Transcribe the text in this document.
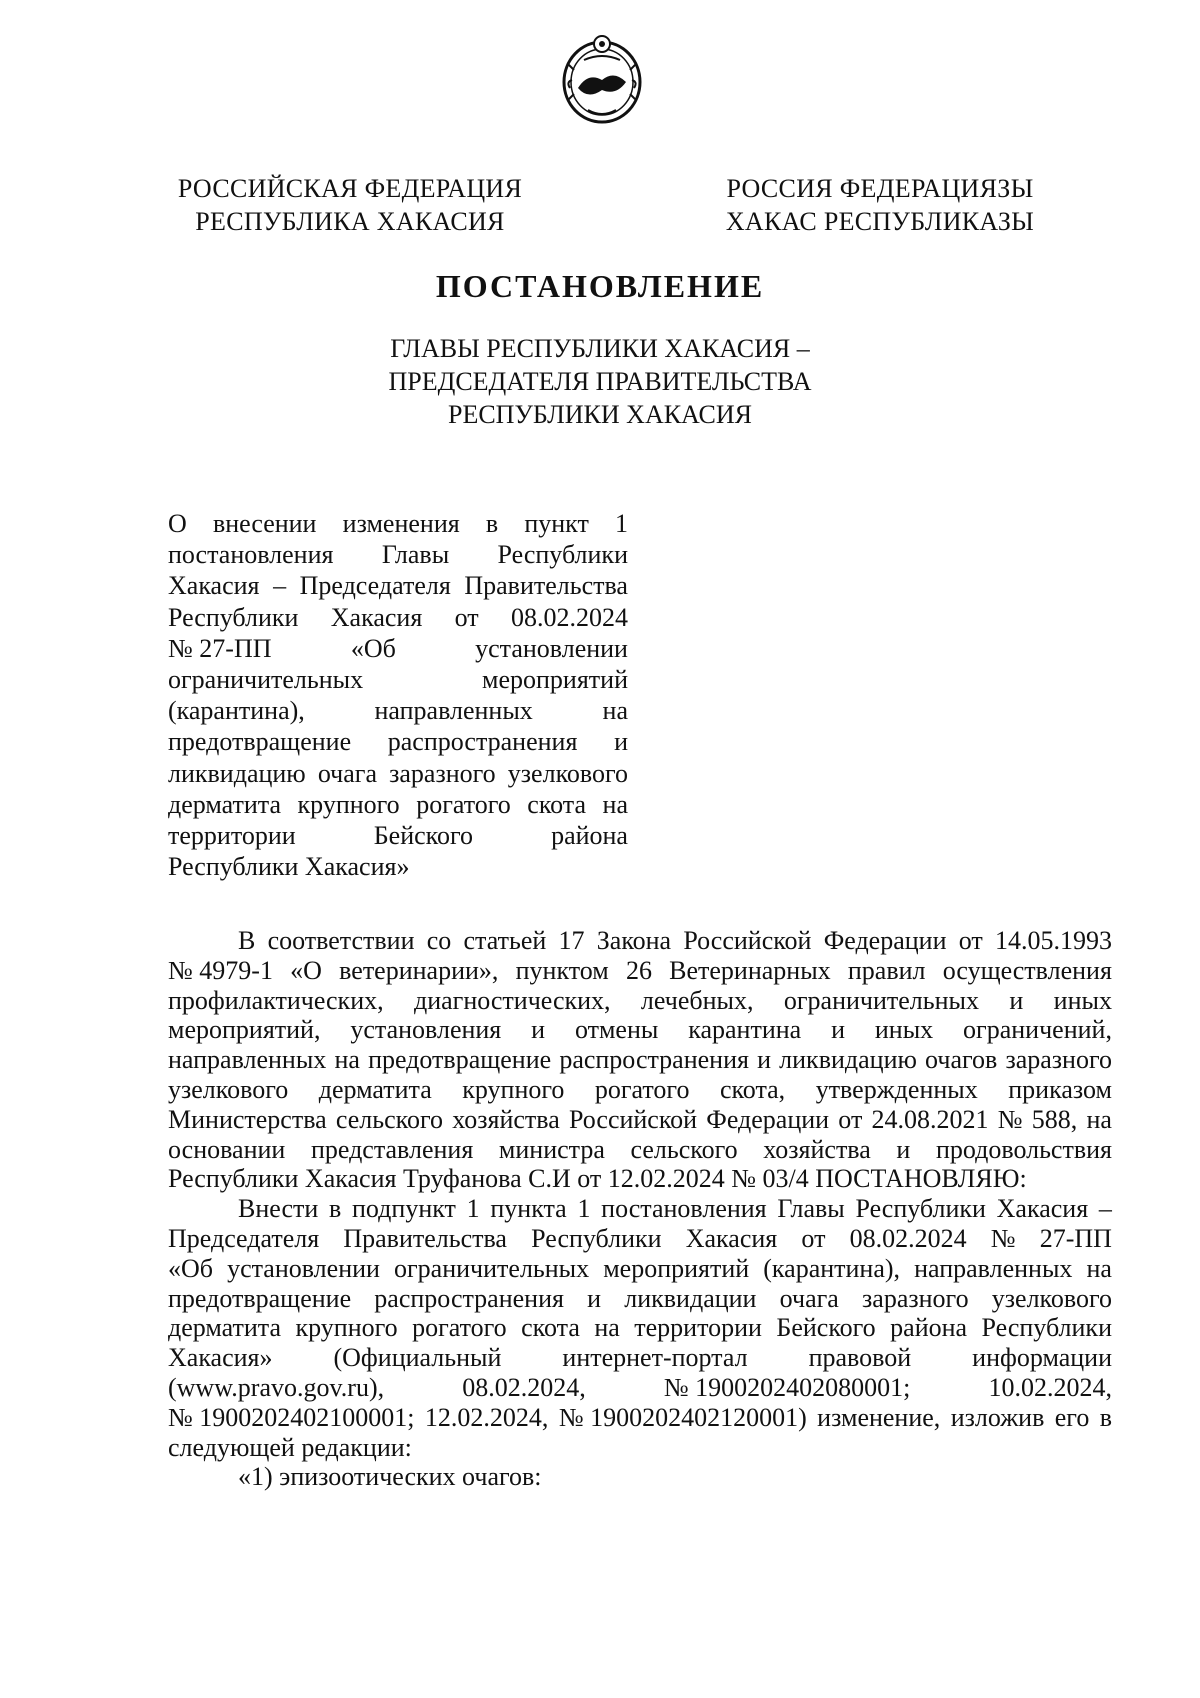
РОССИЙСКАЯ ФЕДЕРАЦИЯ
РЕСПУБЛИКА ХАКАСИЯ
РОССИЯ ФЕДЕРАЦИЯЗЫ
ХАКАС РЕСПУБЛИКАЗЫ
ПОСТАНОВЛЕНИЕ
ГЛАВЫ РЕСПУБЛИКИ ХАКАСИЯ –
ПРЕДСЕДАТЕЛЯ ПРАВИТЕЛЬСТВА
РЕСПУБЛИКИ ХАКАСИЯ
О внесении изменения в пункт 1
постановления Главы Республики
Хакасия – Председателя Правительства
Республики Хакасия от 08.02.2024
№ 27-ПП	«Об	установлении
ограничительных	мероприятий
(карантина),	направленных	на
предотвращение распространения и
ликвидацию очага заразного узелкового
дерматита крупного рогатого скота на
территории	Бейского	района
Республики Хакасия»
В соответствии со статьей 17 Закона Российской Федерации от 14.05.1993
№ 4979-1 «О ветеринарии», пунктом 26 Ветеринарных правил осуществления
профилактических, диагностических, лечебных, ограничительных и иных
мероприятий, установления и отмены карантина и иных ограничений,
направленных на предотвращение распространения и ликвидацию очагов заразного
узелкового дерматита крупного рогатого скота, утвержденных приказом
Министерства сельского хозяйства Российской Федерации от 24.08.2021 № 588, на
основании представления министра сельского хозяйства и продовольствия
Республики Хакасия Труфанова С.И от 12.02.2024 № 03/4 ПОСТАНОВЛЯЮ:
Внести в подпункт 1 пункта 1 постановления Главы Республики Хакасия –
Председателя Правительства Республики Хакасия от 08.02.2024 № 27-ПП
«Об установлении ограничительных мероприятий (карантина), направленных на
предотвращение распространения и ликвидации очага заразного узелкового
дерматита крупного рогатого скота на территории Бейского района Республики
Хакасия» (Официальный интернет-портал правовой информации
(www.pravo.gov.ru),	08.02.2024,	№ 1900202402080001;	10.02.2024,
№ 1900202402100001; 12.02.2024, № 1900202402120001) изменение, изложив его в
следующей редакции:
«1) эпизоотических очагов:
